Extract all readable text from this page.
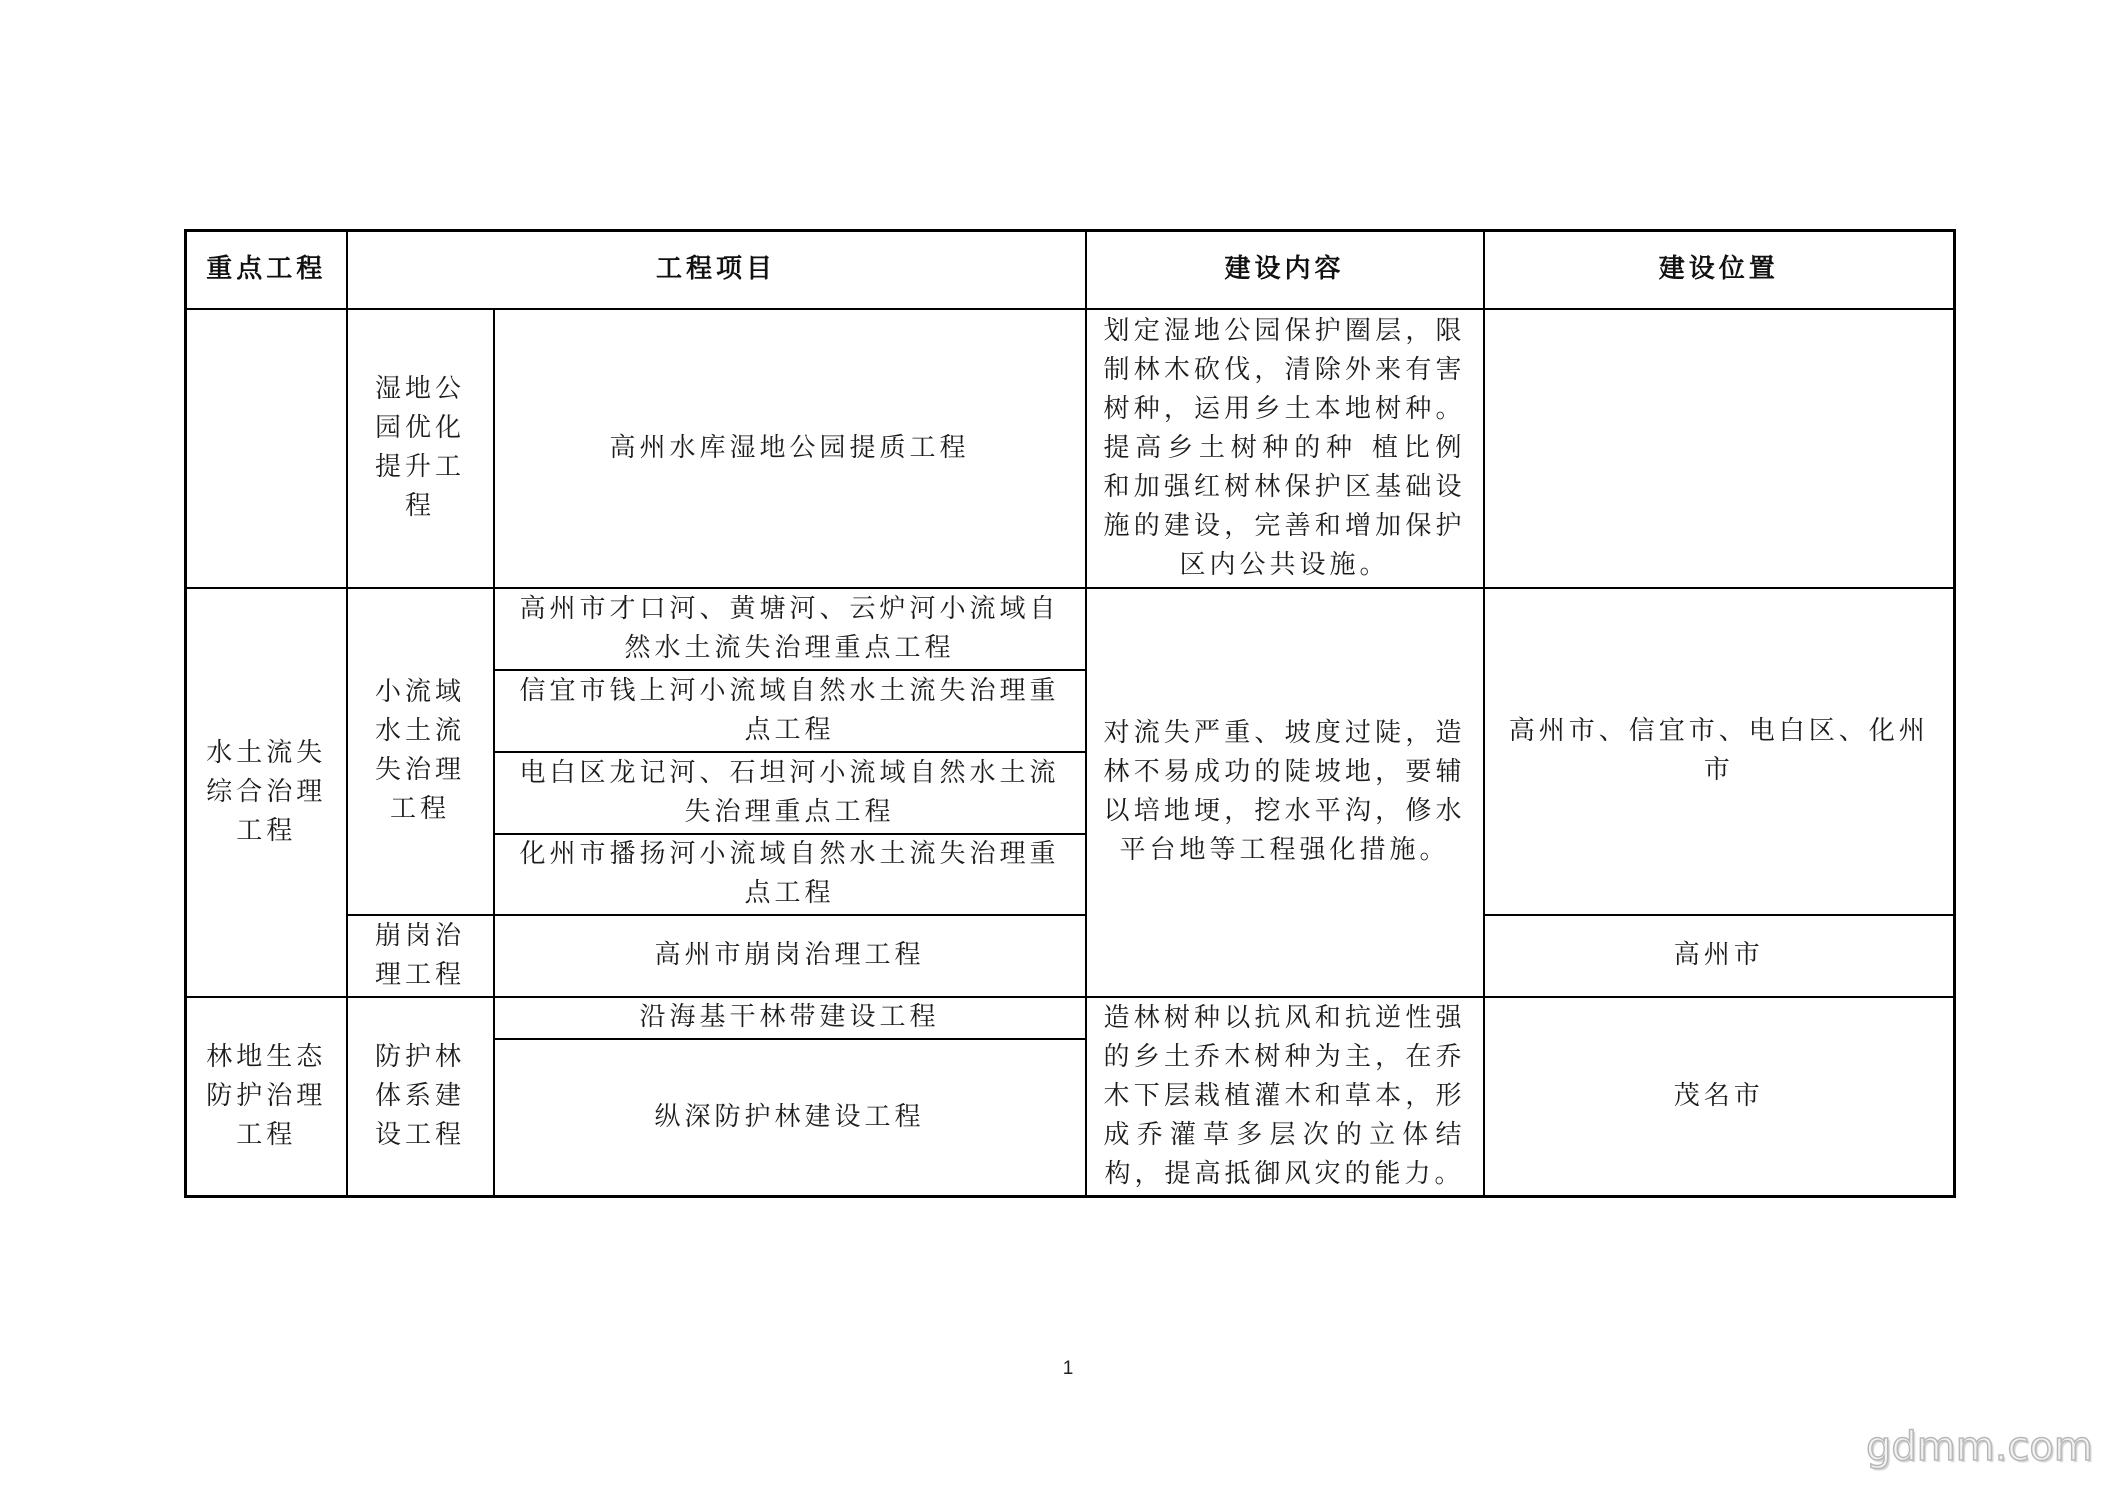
重点工程	工程项目		建设内容	建设位置

	湿地公园优化提升工程	高州水库湿地公园提质工程	划定湿地公园保护圈层，限制林木砍伐，清除外来有害树种，运用乡土本地树种。提高乡土树种的种 植比例和加强红树林保护区基础设施的建设，完善和增加保护区内公共设施。	

水土流失综合治理工程	小流域水土流失治理工程	高州市才口河、黄塘河、云炉河小流域自然水土流失治理重点工程	对流失严重、坡度过陡，造林不易成功的陡坡地，要辅以培地埂，挖水平沟，修水平台地等工程强化措施。	高州市、信宜市、电白区、化州市

		信宜市钱上河小流域自然水土流失治理重点工程		

		电白区龙记河、石坦河小流域自然水土流失治理重点工程		

		化州市播扬河小流域自然水土流失治理重点工程		

	崩岗治理工程	高州市崩岗治理工程		高州市

林地生态防护治理工程	防护林体系建设工程	沿海基干林带建设工程	造林树种以抗风和抗逆性强的乡土乔木树种为主，在乔木下层栽植灌木和草本，形成乔灌草多层次的立体结构，提高抵御风灾的能力。	茂名市

		纵深防护林建设工程		
1
gdmm.com
